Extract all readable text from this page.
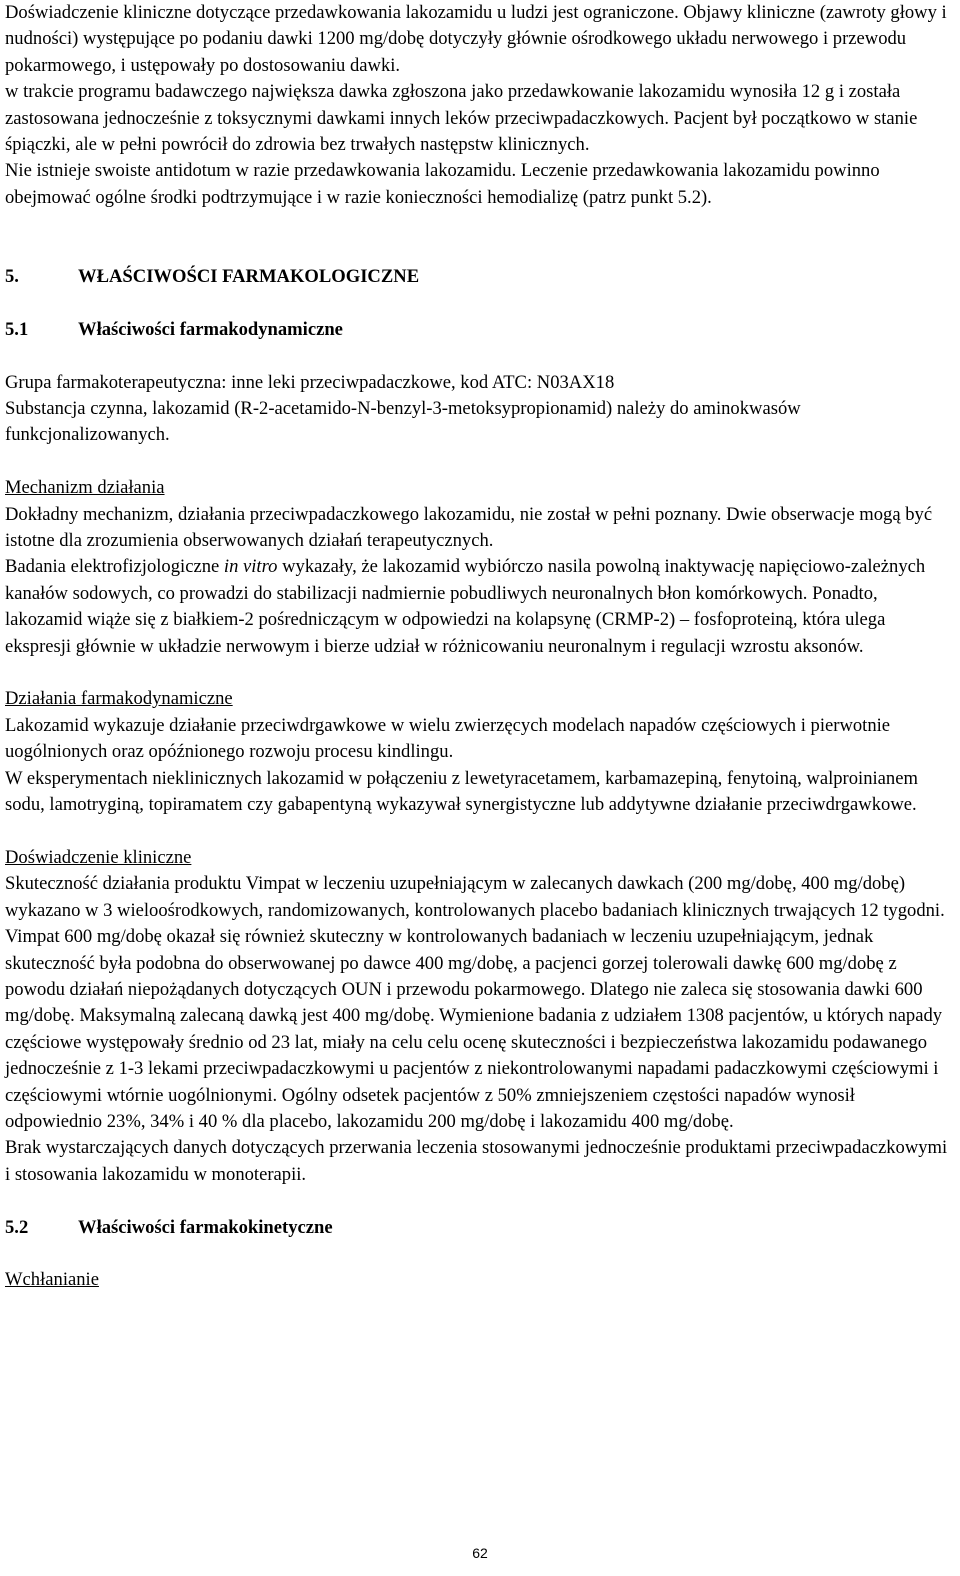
Doświadczenie kliniczne dotyczące przedawkowania lakozamidu u ludzi jest ograniczone. Objawy kliniczne (zawroty głowy i nudności) występujące po podaniu dawki 1200 mg/dobę dotyczyły głównie ośrodkowego układu nerwowego i przewodu pokarmowego, i ustępowały po dostosowaniu dawki.

w trakcie programu badawczego największa dawka zgłoszona jako przedawkowanie lakozamidu wynosiła 12 g i została zastosowana jednocześnie z toksycznymi dawkami innych leków przeciwpadaczkowych. Pacjent był początkowo w stanie śpiączki, ale w pełni powrócił do zdrowia bez trwałych następstw klinicznych.

Nie istnieje swoiste antidotum w razie przedawkowania lakozamidu. Leczenie przedawkowania lakozamidu powinno obejmować ogólne środki podtrzymujące i w razie konieczności hemodializę (patrz punkt 5.2).

5.	WŁAŚCIWOŚCI FARMAKOLOGICZNE
5.1	Właściwości farmakodynamiczne

Grupa farmakoterapeutyczna: inne leki przeciwpadaczkowe, kod ATC: N03AX18

Substancja czynna, lakozamid (R-2-acetamido-N-benzyl-3-metoksypropionamid) należy do aminokwasów funkcjonalizowanych.

Mechanizm działania

Dokładny mechanizm, działania przeciwpadaczkowego lakozamidu, nie został w pełni poznany. Dwie obserwacje mogą być istotne dla zrozumienia obserwowanych działań terapeutycznych.

Badania elektrofizjologiczne in vitro wykazały, że lakozamid wybiórczo nasila powolną inaktywację napięciowo-zależnych kanałów sodowych, co prowadzi do stabilizacji nadmiernie pobudliwych neuronalnych błon komórkowych. Ponadto, lakozamid wiąże się z białkiem-2 pośredniczącym w odpowiedzi na kolapsynę (CRMP-2) – fosfoproteiną, która ulega ekspresji głównie w układzie nerwowym i bierze udział w różnicowaniu neuronalnym i regulacji wzrostu aksonów.

Działania farmakodynamiczne

Lakozamid wykazuje działanie przeciwdrgawkowe w wielu zwierzęcych modelach napadów częściowych i pierwotnie uogólnionych oraz opóźnionego rozwoju procesu kindlingu.

W eksperymentach nieklinicznych lakozamid w połączeniu z lewetyracetamem, karbamazepiną, fenytoiną, walproinianem sodu, lamotryginą, topiramatem czy gabapentyną wykazywał synergistyczne lub addytywne działanie przeciwdrgawkowe.

Doświadczenie kliniczne

Skuteczność działania produktu Vimpat w leczeniu uzupełniającym w zalecanych dawkach (200 mg/dobę, 400 mg/dobę) wykazano w 3 wieloośrodkowych, randomizowanych, kontrolowanych placebo badaniach klinicznych trwających 12 tygodni. Vimpat 600 mg/dobę okazał się również skuteczny w kontrolowanych badaniach w leczeniu uzupełniającym, jednak skuteczność była podobna do obserwowanej po dawce 400 mg/dobę, a pacjenci gorzej tolerowali dawkę 600 mg/dobę z powodu działań niepożądanych dotyczących OUN i przewodu pokarmowego. Dlatego nie zaleca się stosowania dawki 600 mg/dobę. Maksymalną zalecaną dawką jest 400 mg/dobę. Wymienione badania z udziałem 1308 pacjentów, u których napady częściowe występowały średnio od 23 lat, miały na celu celu ocenę skuteczności i bezpieczeństwa lakozamidu podawanego jednocześnie z 1-3 lekami przeciwpadaczkowymi u pacjentów z niekontrolowanymi napadami padaczkowymi częściowymi i częściowymi wtórnie uogólnionymi. Ogólny odsetek pacjentów z 50% zmniejszeniem częstości napadów wynosił odpowiednio 23%, 34% i 40 % dla placebo, lakozamidu 200 mg/dobę i lakozamidu 400 mg/dobę.

Brak wystarczających danych dotyczących przerwania leczenia stosowanymi jednocześnie produktami przeciwpadaczkowymi i stosowania lakozamidu w monoterapii.

5.2	Właściwości farmakokinetyczne

Wchłanianie

62
